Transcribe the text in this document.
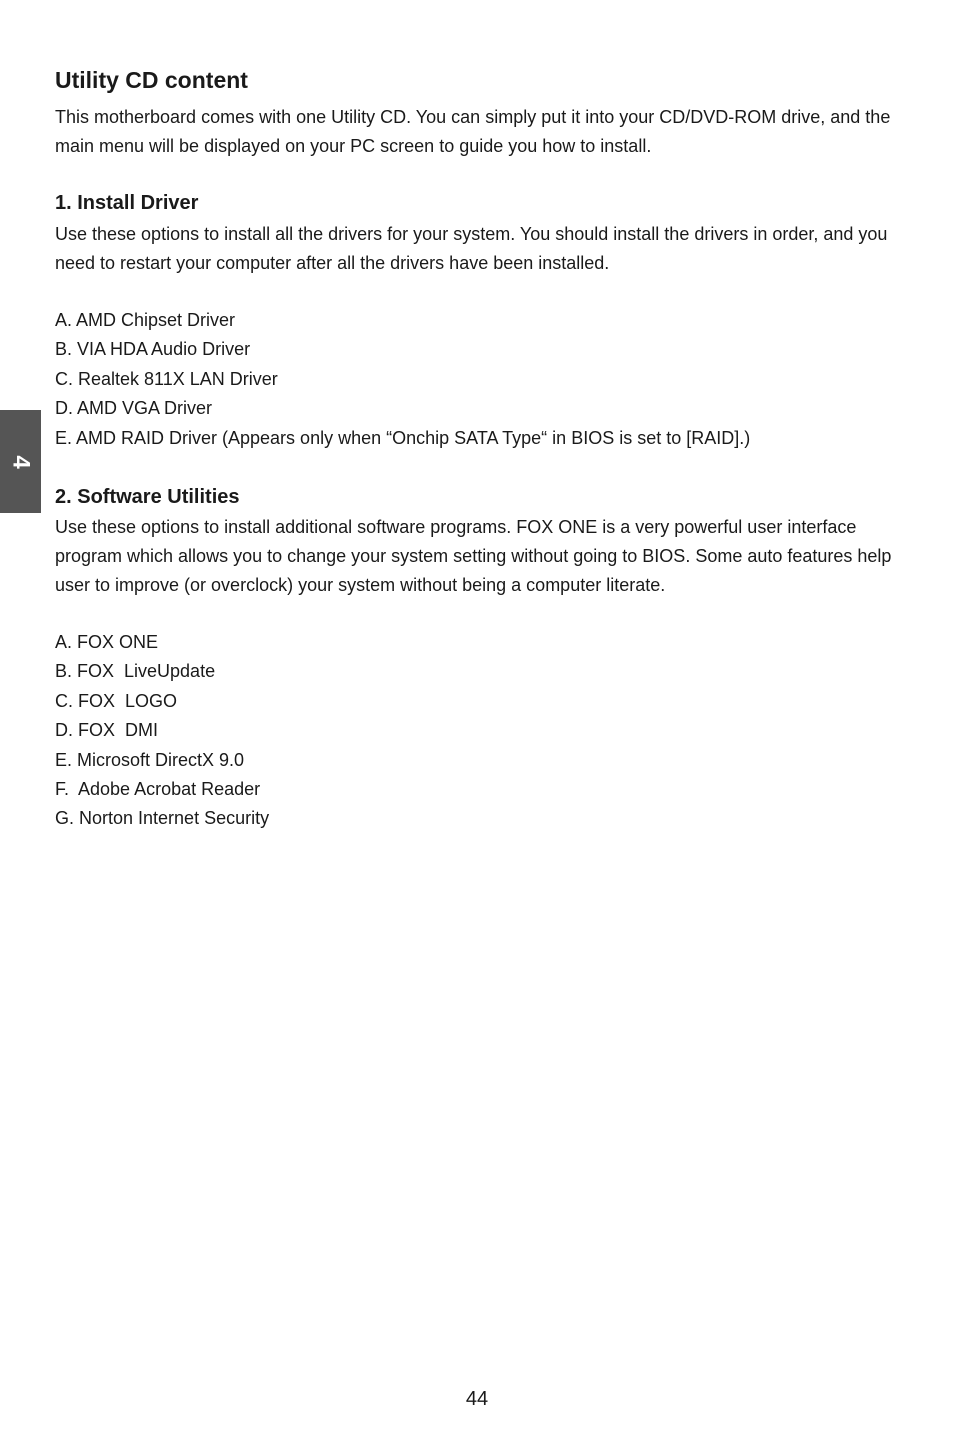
4
Utility CD content

This motherboard comes with one Utility CD. You can simply put it into your CD/DVD-ROM drive, and the main menu will be displayed on your PC screen to guide you how to install.

1. Install Driver

Use these options to install all the drivers for your system. You should install the drivers in order, and you need to restart your computer after all the drivers have been installed.

A. AMD Chipset Driver
B. VIA HDA Audio Driver
C. Realtek 811X LAN Driver
D. AMD VGA Driver
E. AMD RAID Driver (Appears only when “Onchip SATA Type“ in BIOS is set to [RAID].)
2. Software Utilities

Use these options to install additional software programs. FOX ONE is a very powerful user interface program which allows you to change your system setting without going to BIOS. Some auto features help user to improve (or overclock) your system without being a computer literate.

A. FOX ONE
B. FOX  LiveUpdate
C. FOX  LOGO
D. FOX  DMI
E. Microsoft DirectX 9.0
F.  Adobe Acrobat Reader
G. Norton Internet Security
44
